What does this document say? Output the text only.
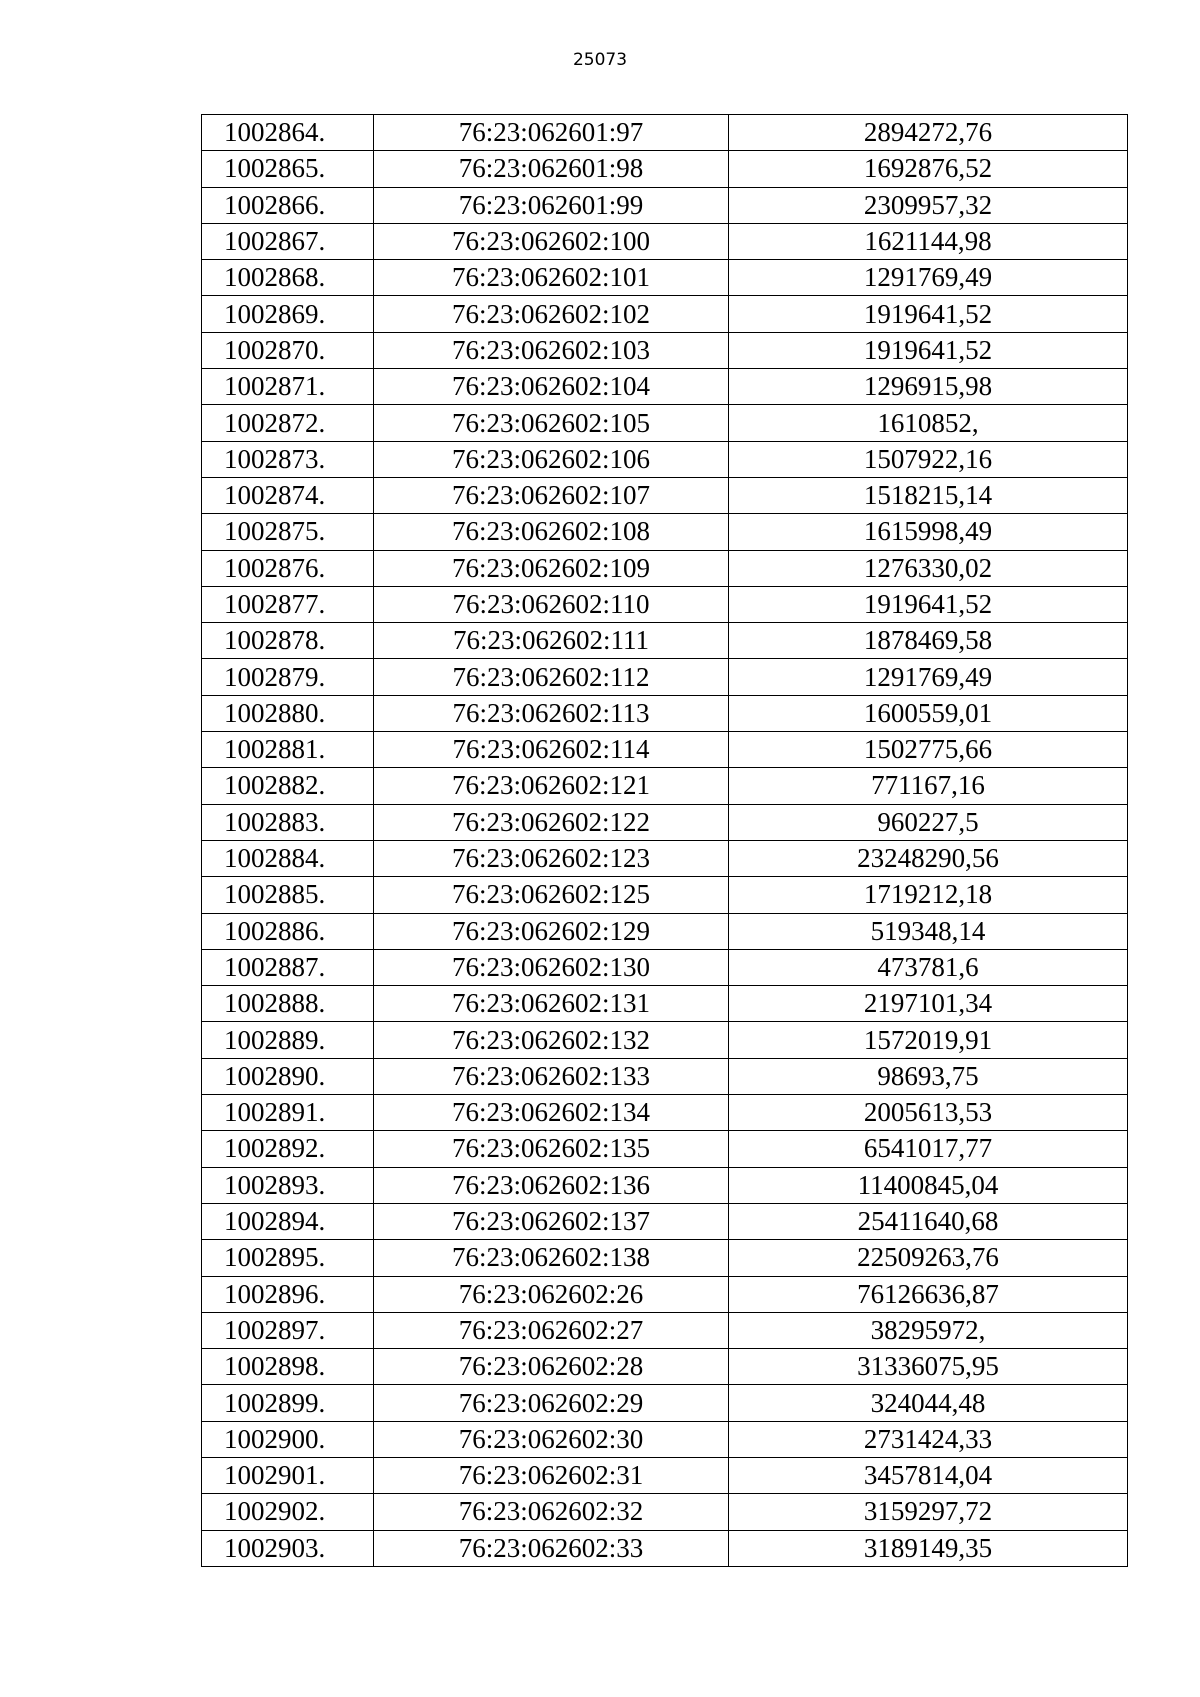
25073
1002864.	76:23:062601:97	2894272,76
1002865.	76:23:062601:98	1692876,52
1002866.	76:23:062601:99	2309957,32
1002867.	76:23:062602:100	1621144,98
1002868.	76:23:062602:101	1291769,49
1002869.	76:23:062602:102	1919641,52
1002870.	76:23:062602:103	1919641,52
1002871.	76:23:062602:104	1296915,98
1002872.	76:23:062602:105	1610852,
1002873.	76:23:062602:106	1507922,16
1002874.	76:23:062602:107	1518215,14
1002875.	76:23:062602:108	1615998,49
1002876.	76:23:062602:109	1276330,02
1002877.	76:23:062602:110	1919641,52
1002878.	76:23:062602:111	1878469,58
1002879.	76:23:062602:112	1291769,49
1002880.	76:23:062602:113	1600559,01
1002881.	76:23:062602:114	1502775,66
1002882.	76:23:062602:121	771167,16
1002883.	76:23:062602:122	960227,5
1002884.	76:23:062602:123	23248290,56
1002885.	76:23:062602:125	1719212,18
1002886.	76:23:062602:129	519348,14
1002887.	76:23:062602:130	473781,6
1002888.	76:23:062602:131	2197101,34
1002889.	76:23:062602:132	1572019,91
1002890.	76:23:062602:133	98693,75
1002891.	76:23:062602:134	2005613,53
1002892.	76:23:062602:135	6541017,77
1002893.	76:23:062602:136	11400845,04
1002894.	76:23:062602:137	25411640,68
1002895.	76:23:062602:138	22509263,76
1002896.	76:23:062602:26	76126636,87
1002897.	76:23:062602:27	38295972,
1002898.	76:23:062602:28	31336075,95
1002899.	76:23:062602:29	324044,48
1002900.	76:23:062602:30	2731424,33
1002901.	76:23:062602:31	3457814,04
1002902.	76:23:062602:32	3159297,72
1002903.	76:23:062602:33	3189149,35
